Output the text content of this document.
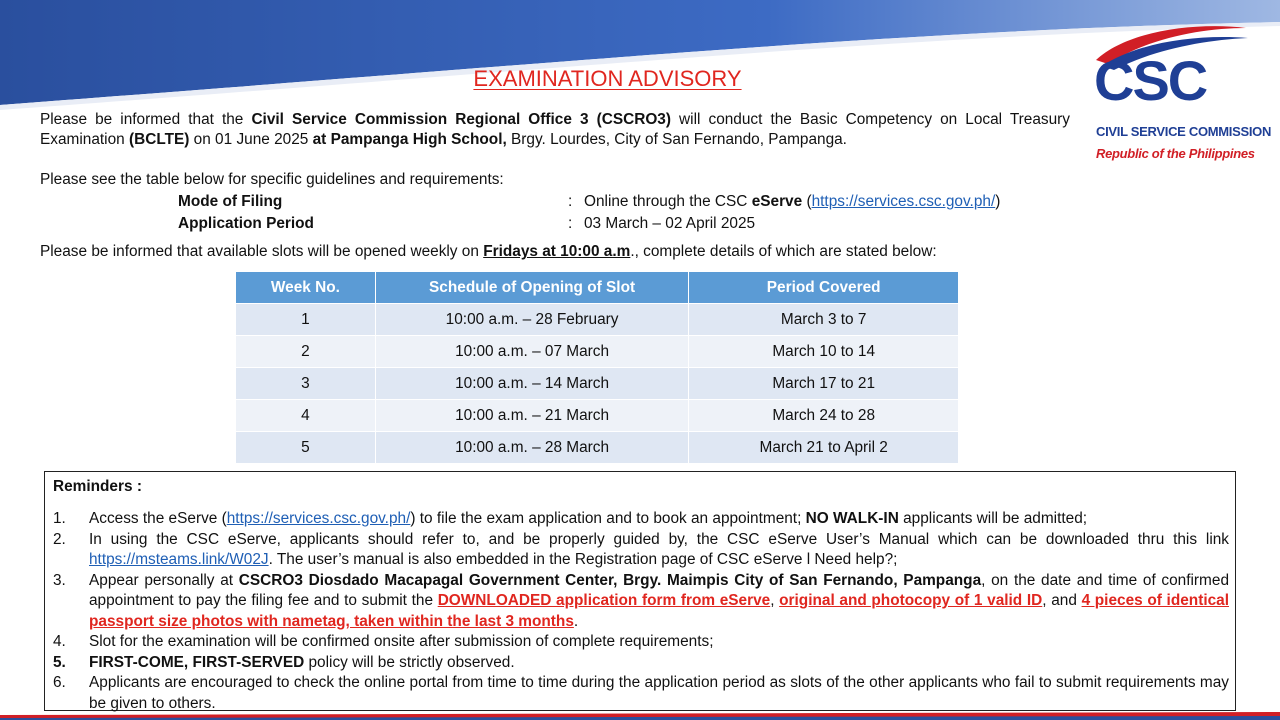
CSC
CIVIL SERVICE COMMISSION
Republic of the Philippines
EXAMINATION ADVISORY
Please be informed that the Civil Service Commission Regional Office 3 (CSCRO3) will conduct the Basic Competency on Local Treasury Examination (BCLTE) on 01 June 2025 at Pampanga High School, Brgy. Lourdes, City of San Fernando, Pampanga.
Please see the table below for specific guidelines and requirements:
Mode of Filing	: Online through the CSC eServe (https://services.csc.gov.ph/)
Application Period	: 03 March – 02 April 2025
Please be informed that available slots will be opened weekly on Fridays at 10:00 a.m., complete details of which are stated below:
Week No.	Schedule of Opening of Slot	Period Covered
1	10:00 a.m. – 28 February	March 3 to 7
2	10:00 a.m. – 07 March	March 10 to 14
3	10:00 a.m. – 14 March	March 17 to 21
4	10:00 a.m. – 21 March	March 24 to 28
5	10:00 a.m. – 28 March	March 21 to April 2
Reminders :
1.	Access the eServe (https://services.csc.gov.ph/) to file the exam application and to book an appointment; NO WALK-IN applicants will be admitted;
2.	In using the CSC eServe, applicants should refer to, and be properly guided by, the CSC eServe User’s Manual which can be downloaded thru this link https://msteams.link/W02J. The user’s manual is also embedded in the Registration page of CSC eServe l Need help?;
3.	Appear personally at CSCRO3 Diosdado Macapagal Government Center, Brgy. Maimpis City of San Fernando, Pampanga, on the date and time of confirmed appointment to pay the filing fee and to submit the DOWNLOADED application form from eServe, original and photocopy of 1 valid ID, and 4 pieces of identical passport size photos with nametag, taken within the last 3 months.
4.	Slot for the examination will be confirmed onsite after submission of complete requirements;
5.	FIRST-COME, FIRST-SERVED policy will be strictly observed.
6.	Applicants are encouraged to check the online portal from time to time during the application period as slots of the other applicants who fail to submit requirements may be given to others.
